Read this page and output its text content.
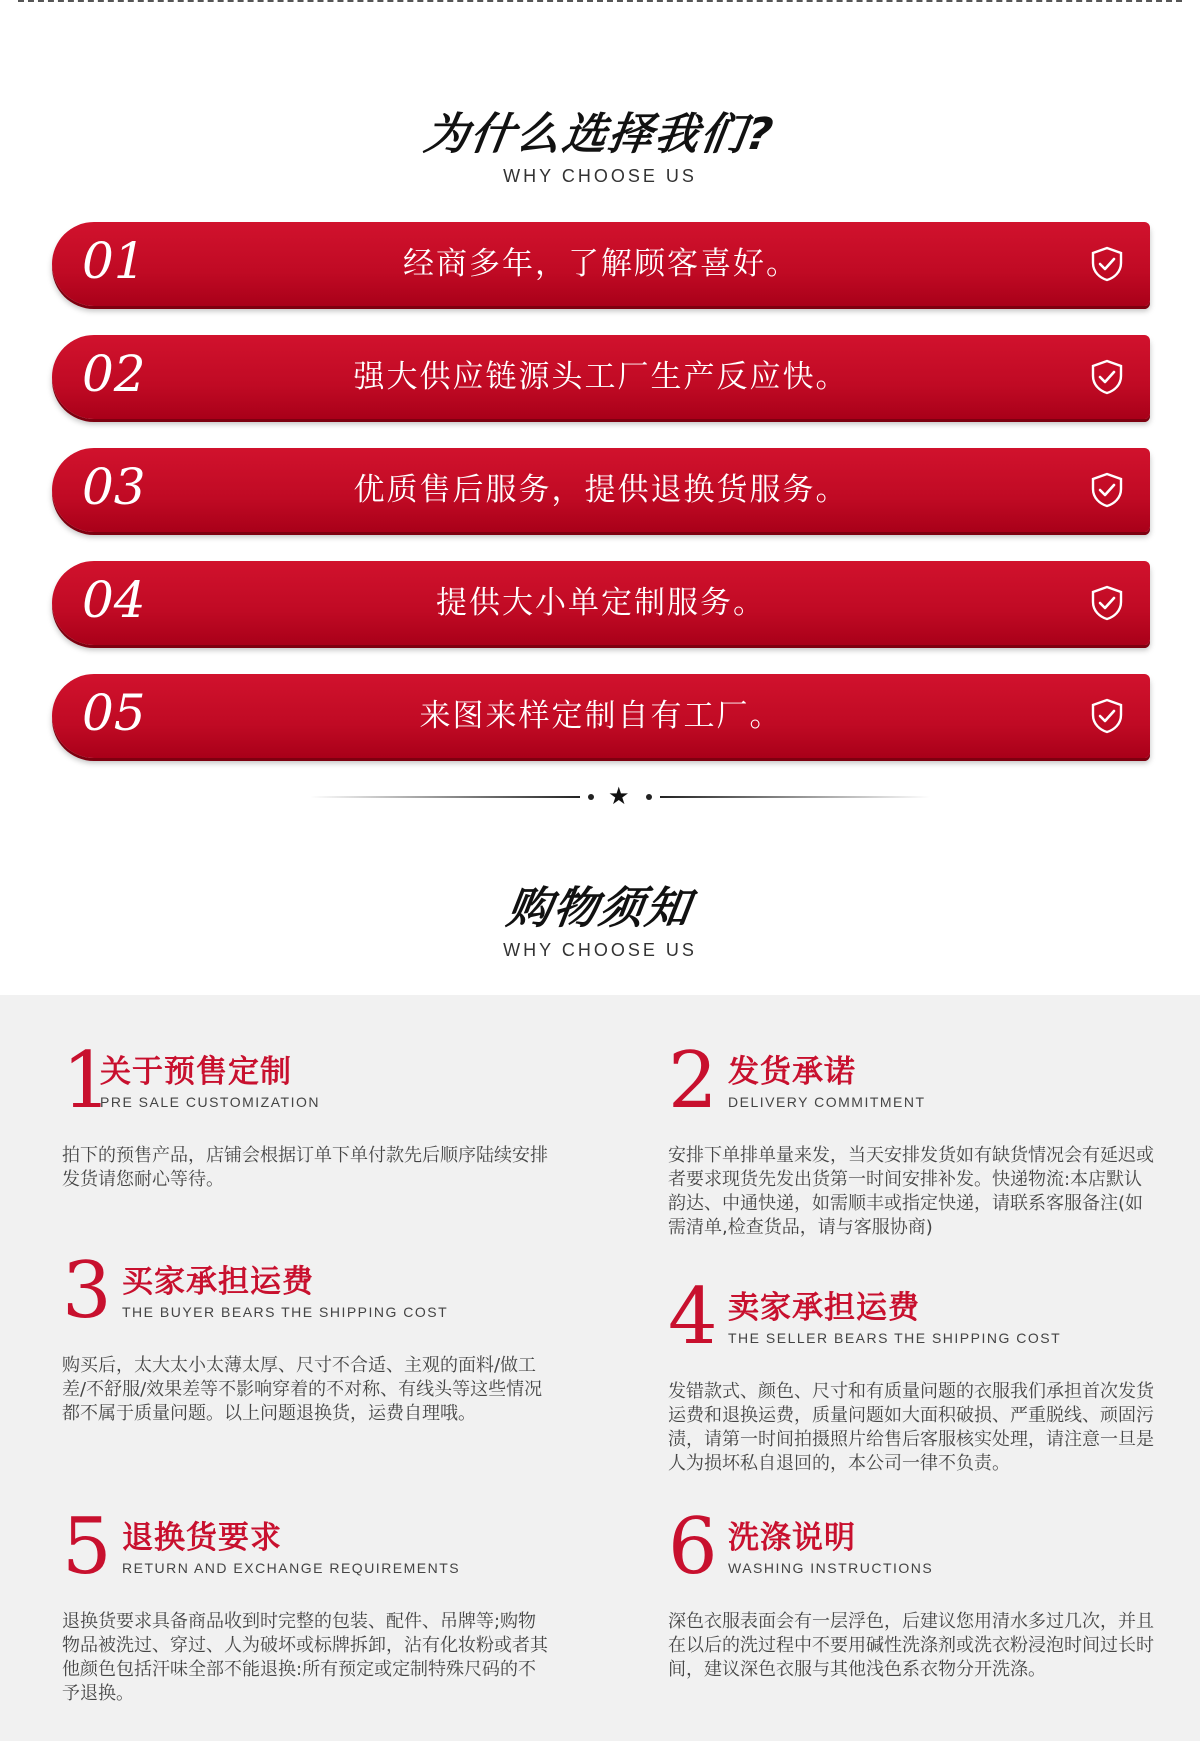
为什么选择我们?
WHY CHOOSE US
01	经商多年，了解顾客喜好。
02	强大供应链源头工厂生产反应快。
03	优质售后服务，提供退换货服务。
04	提供大小单定制服务。
05	来图来样定制自有工厂。
★
购物须知
WHY CHOOSE US
1
关于预售定制
PRE SALE CUSTOMIZATION
拍下的预售产品，店铺会根据订单下单付款先后顺序陆续安排发货请您耐心等待。
2 发货承诺
DELIVERY COMMITMENT
安排下单排单量来发，当天安排发货如有缺货情况会有延迟或者要求现货先发出货第一时间安排补发。快递物流:本店默认韵达、中通快递，如需顺丰或指定快递，请联系客服备注(如需清单,检查货品，请与客服协商)
3 买家承担运费
THE BUYER BEARS THE SHIPPING COST
购买后，太大太小太薄太厚、尺寸不合适、主观的面料/做工差/不舒服/效果差等不影响穿着的不对称、有线头等这些情况都不属于质量问题。以上问题退换货，运费自理哦。
4 卖家承担运费
THE SELLER BEARS THE SHIPPING COST
发错款式、颜色、尺寸和有质量问题的衣服我们承担首次发货运费和退换运费，质量问题如大面积破损、严重脱线、顽固污渍，请第一时间拍摄照片给售后客服核实处理，请注意一旦是人为损坏私自退回的，本公司一律不负责。
5 退换货要求
RETURN AND EXCHANGE REQUIREMENTS
退换货要求具备商品收到时完整的包装、配件、吊牌等;购物物品被洗过、穿过、人为破坏或标牌拆卸，沾有化妆粉或者其他颜色包括汗味全部不能退换:所有预定或定制特殊尺码的不予退换。
6 洗涤说明
WASHING INSTRUCTIONS
深色衣服表面会有一层浮色，后建议您用清水多过几次，并且在以后的洗过程中不要用碱性洗涤剂或洗衣粉浸泡时间过长时间，建议深色衣服与其他浅色系衣物分开洗涤。
